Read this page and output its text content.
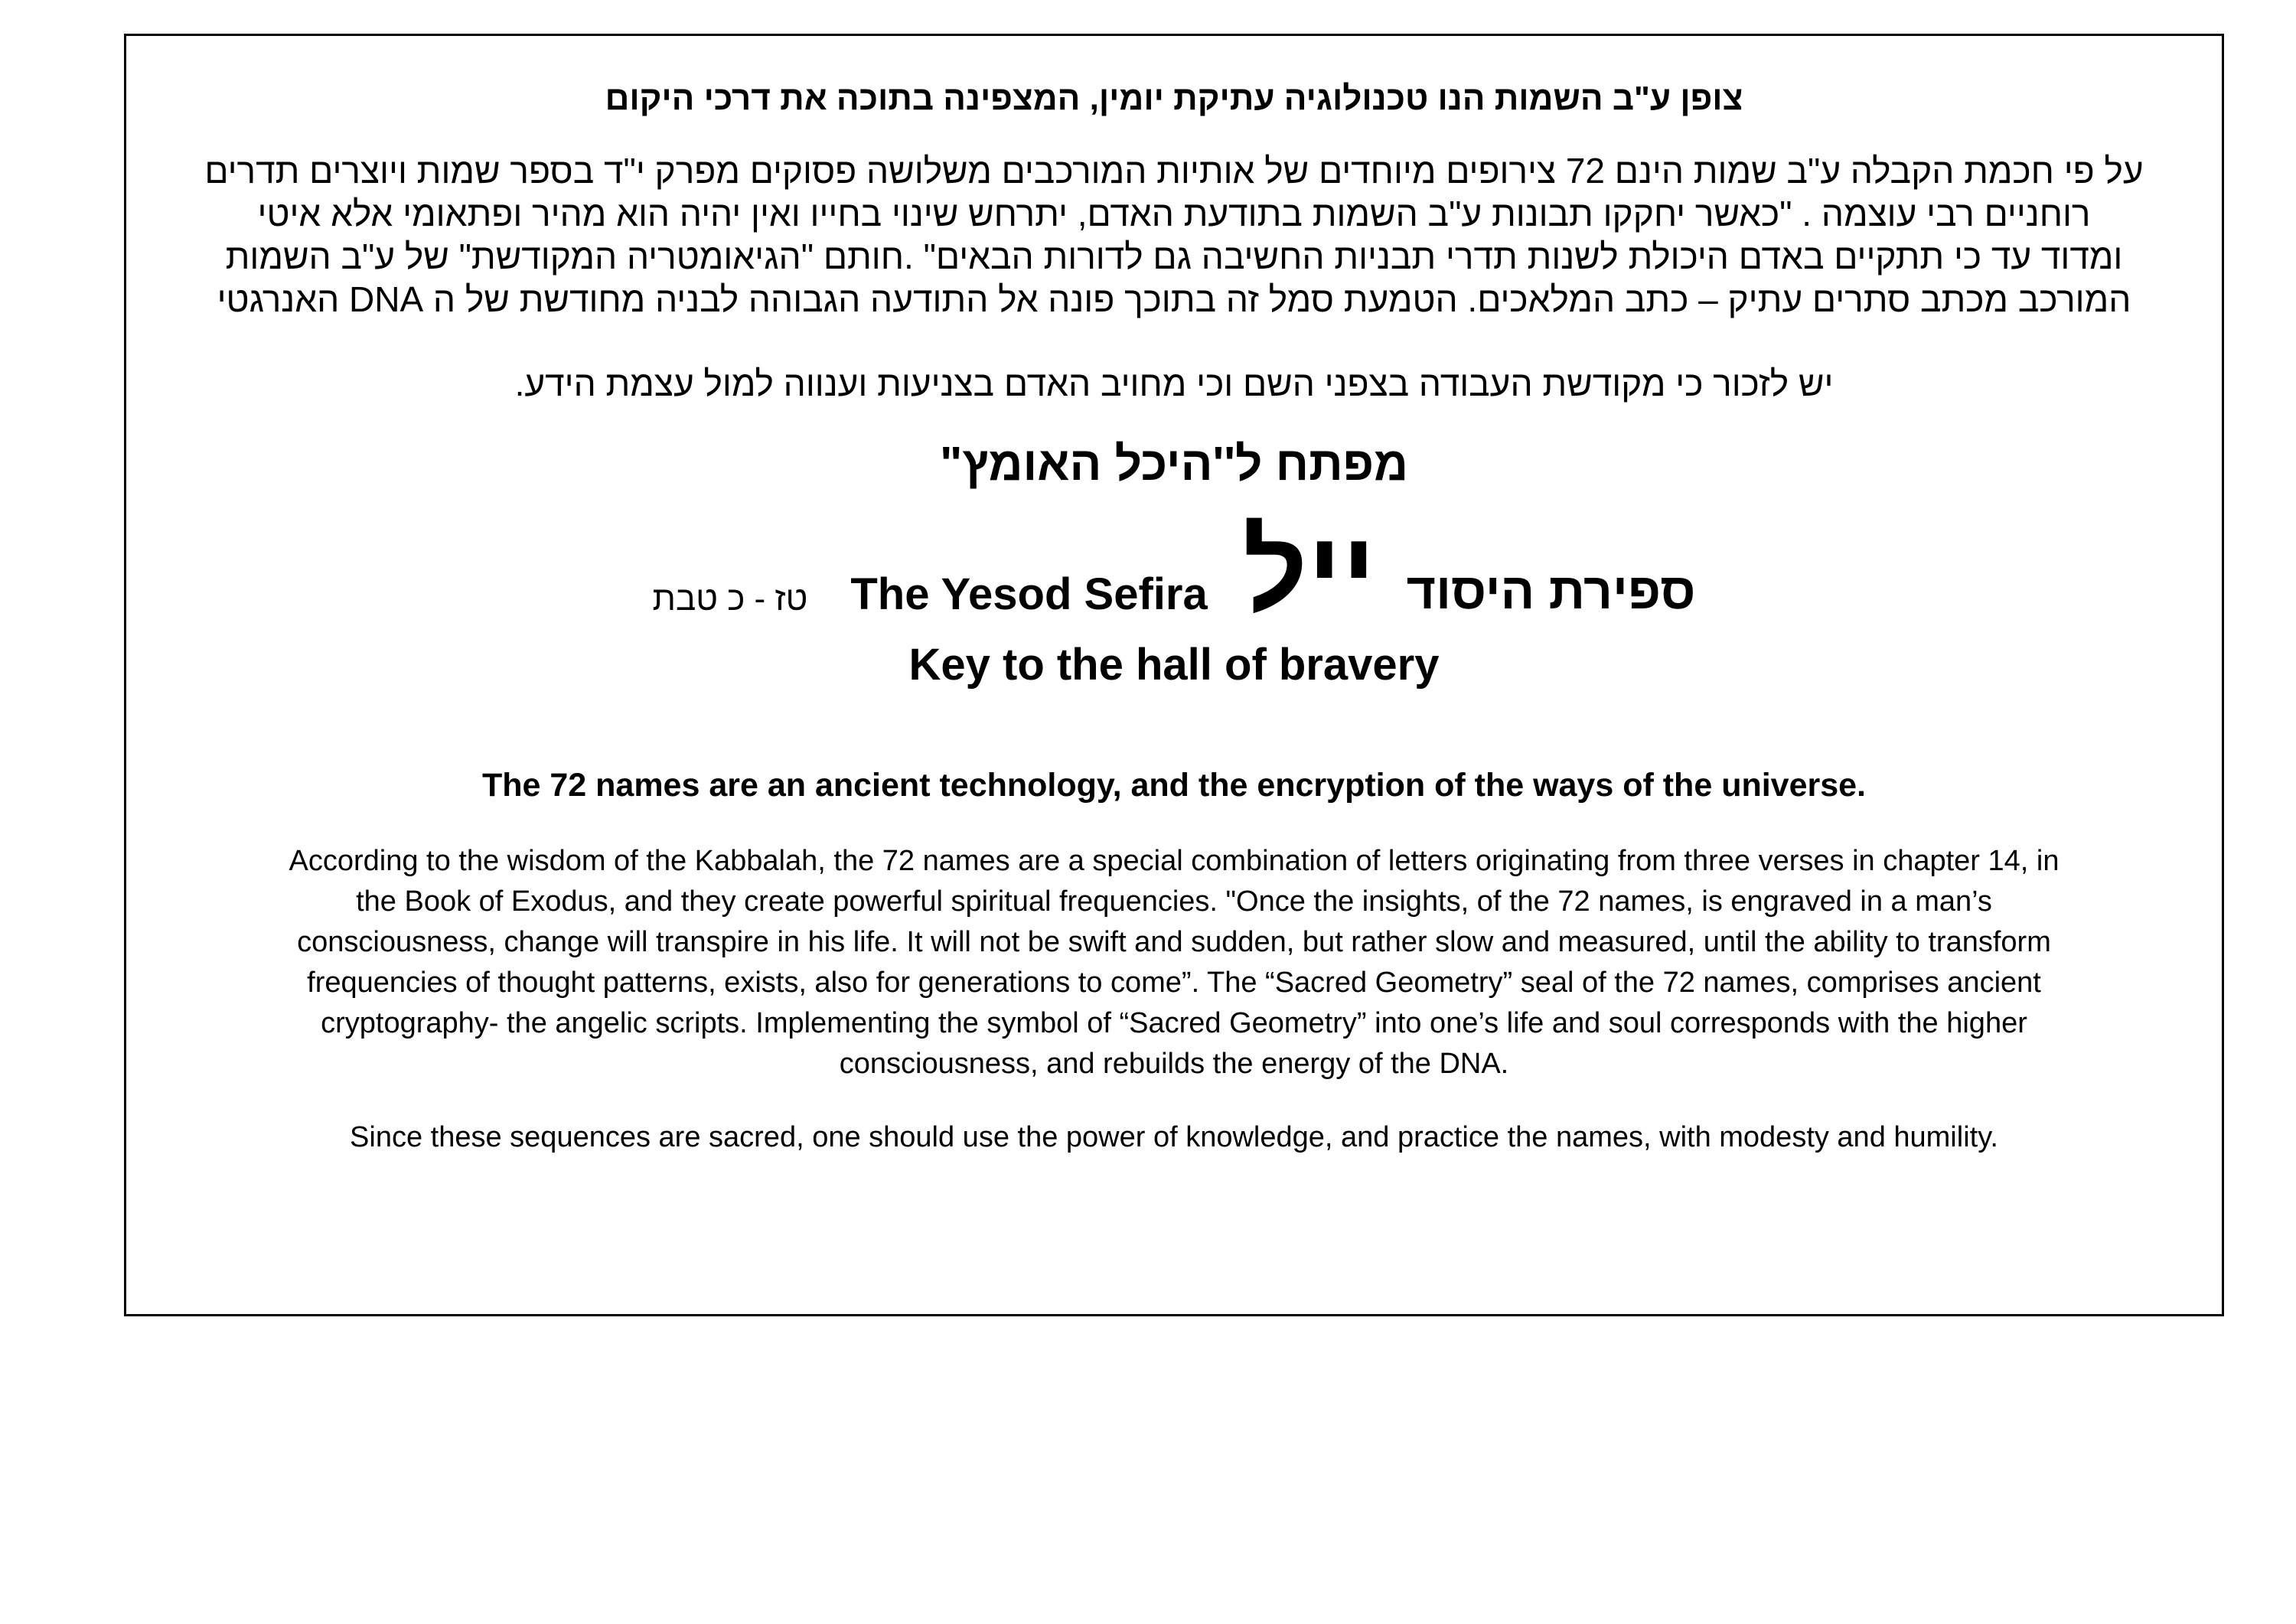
צופן ע"ב השמות הנו טכנולוגיה עתיקת יומין, המצפינה בתוכה את דרכי היקום
על פי חכמת הקבלה ע"ב שמות הינם 72 צירופים מיוחדים של אותיות המורכבים משלושה פסוקים מפרק י"ד בספר שמות ויוצרים תדרים
רוחניים רבי עוצמה . "כאשר יחקקו תבונות ע"ב השמות בתודעת האדם, יתרחש שינוי בחייו ואין יהיה הוא מהיר ופתאומי אלא איטי
ומדוד עד כי תתקיים באדם היכולת לשנות תדרי תבניות החשיבה גם לדורות הבאים" .חותם "הגיאומטריה המקודשת" של ע"ב השמות
המורכב מכתב סתרים עתיק – כתב המלאכים. הטמעת סמל זה בתוכך פונה אל התודעה הגבוהה לבניה מחודשת של ה DNA האנרגטי
יש לזכור כי מקודשת העבודה בצפני השם וכי מחויב האדם בצניעות וענווה למול עצמת הידע.
מפתח ל''היכל האומץ"
טז - כ טבת The Yesod Sefira ייל ספירת היסוד
Key to the hall of bravery
The 72 names are an ancient technology, and the encryption of the ways of the universe.
According to the wisdom of the Kabbalah, the 72 names are a special combination of letters originating from three verses in chapter 14, in
the Book of Exodus, and they create powerful spiritual frequencies. "Once the insights, of the 72 names, is engraved in a man’s
consciousness, change will transpire in his life. It will not be swift and sudden, but rather slow and measured, until the ability to transform
frequencies of thought patterns, exists, also for generations to come”. The “Sacred Geometry” seal of the 72 names, comprises ancient
cryptography- the angelic scripts. Implementing the symbol of “Sacred Geometry” into one’s life and soul corresponds with the higher
consciousness, and rebuilds the energy of the DNA.
Since these sequences are sacred, one should use the power of knowledge, and practice the names, with modesty and humility.
